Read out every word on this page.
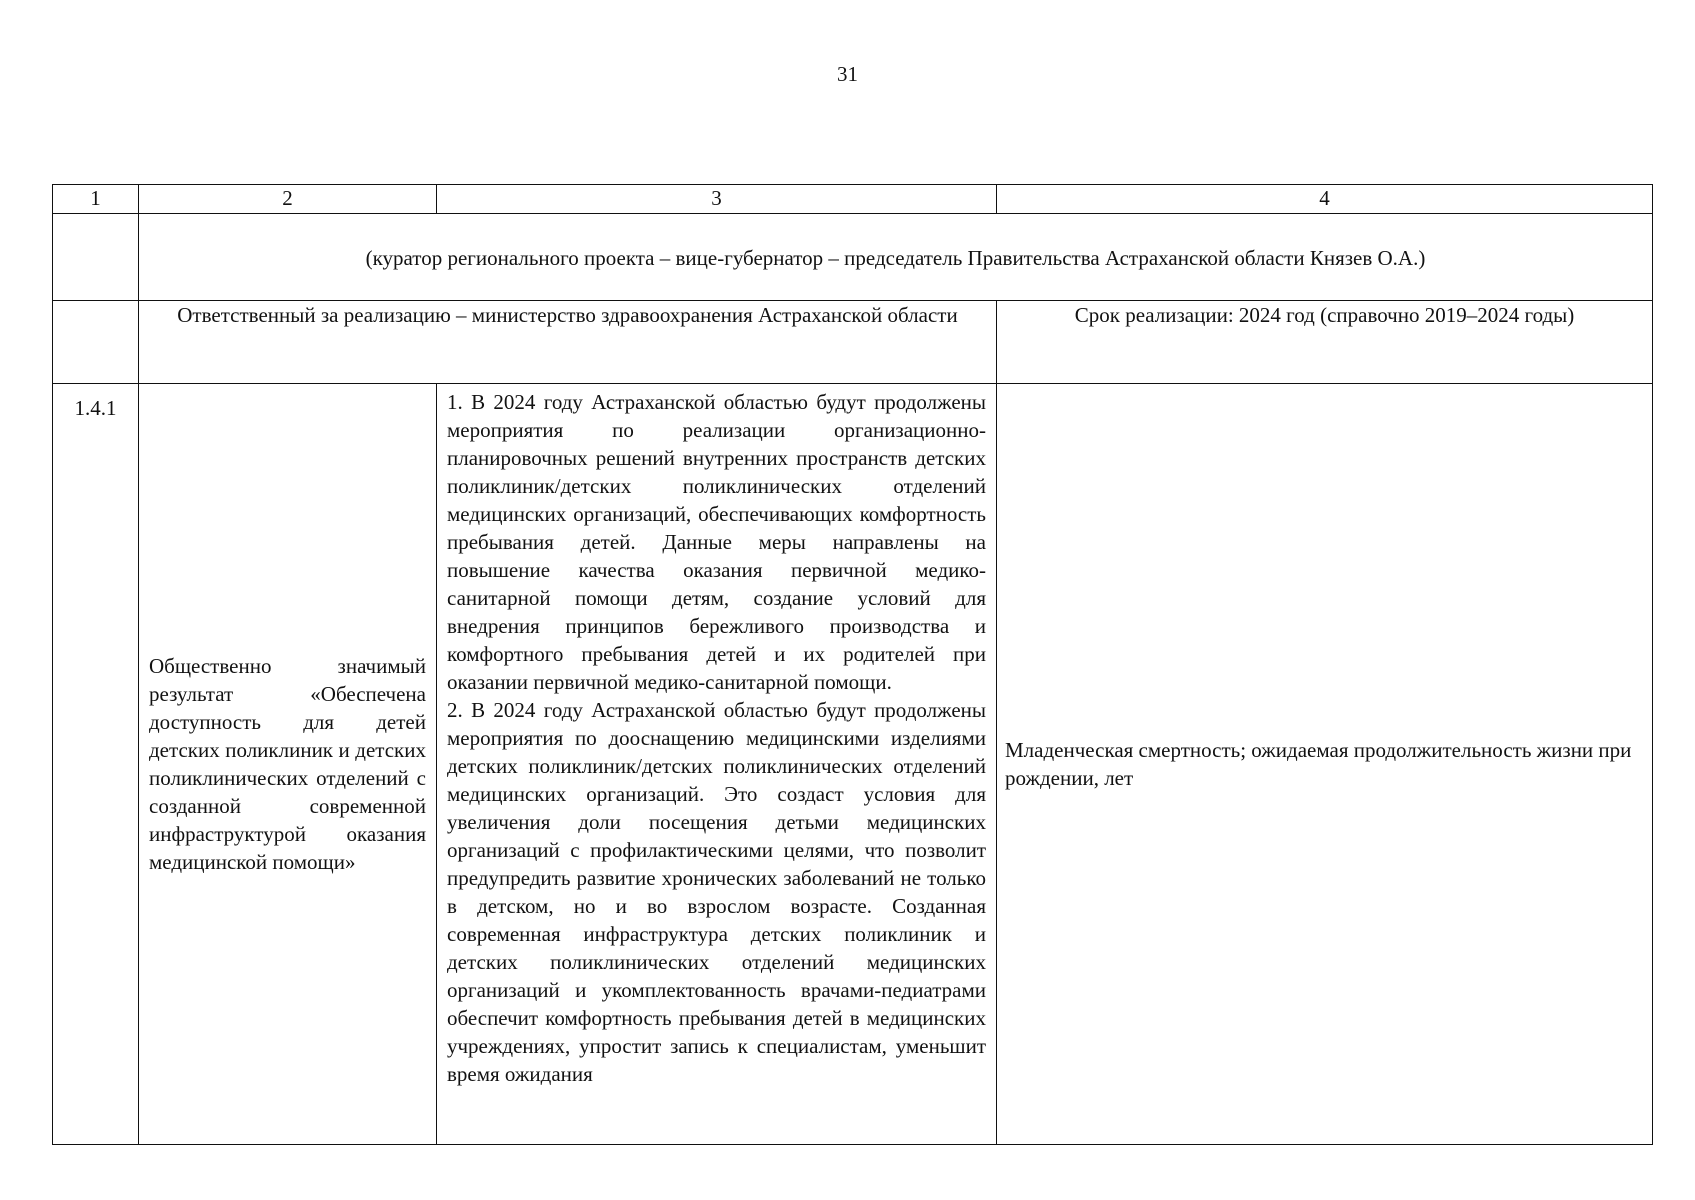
31
1	2	3	4
	(куратор регионального проекта – вице-губернатор – председатель Правительства Астраханской области Князев О.А.)		
	Ответственный за реализацию – министерство здравоохранения Астраханской области		Срок реализации: 2024 год (справочно 2019–2024 годы)
1.4.1	Общественно значимый результат «Обеспечена доступность для детей детских поликлиник и детских поликлинических отделений с созданной современной инфраструктурой оказания медицинской помощи»	1. В 2024 году Астраханской областью будут продолжены мероприятия по реализации организационно-планировочных решений внутренних пространств детских поликлиник/детских поликлинических отделений медицинских организаций, обеспечивающих комфортность пребывания детей. Данные меры направлены на повышение качества оказания первичной медико-санитарной помощи детям, создание условий для внедрения принципов бережливого производства и комфортного пребывания детей и их родителей при оказании первичной медико-санитарной помощи.

2. В 2024 году Астраханской областью будут продолжены мероприятия по дооснащению медицинскими изделиями детских поликлиник/детских поликлинических отделений медицинских организаций. Это создаст условия для увеличения доли посещения детьми медицинских организаций с профилактическими целями, что позволит предупредить развитие хронических заболеваний не только в детском, но и во взрослом возрасте. Созданная современная инфраструктура детских поликлиник и детских поликлинических отделений медицинских организаций и укомплектованность врачами-педиатрами обеспечит комфортность пребывания детей в медицинских учреждениях, упростит запись к специалистам, уменьшит время ожидания	Младенческая смертность; ожидаемая продолжительность жизни при рождении, лет
